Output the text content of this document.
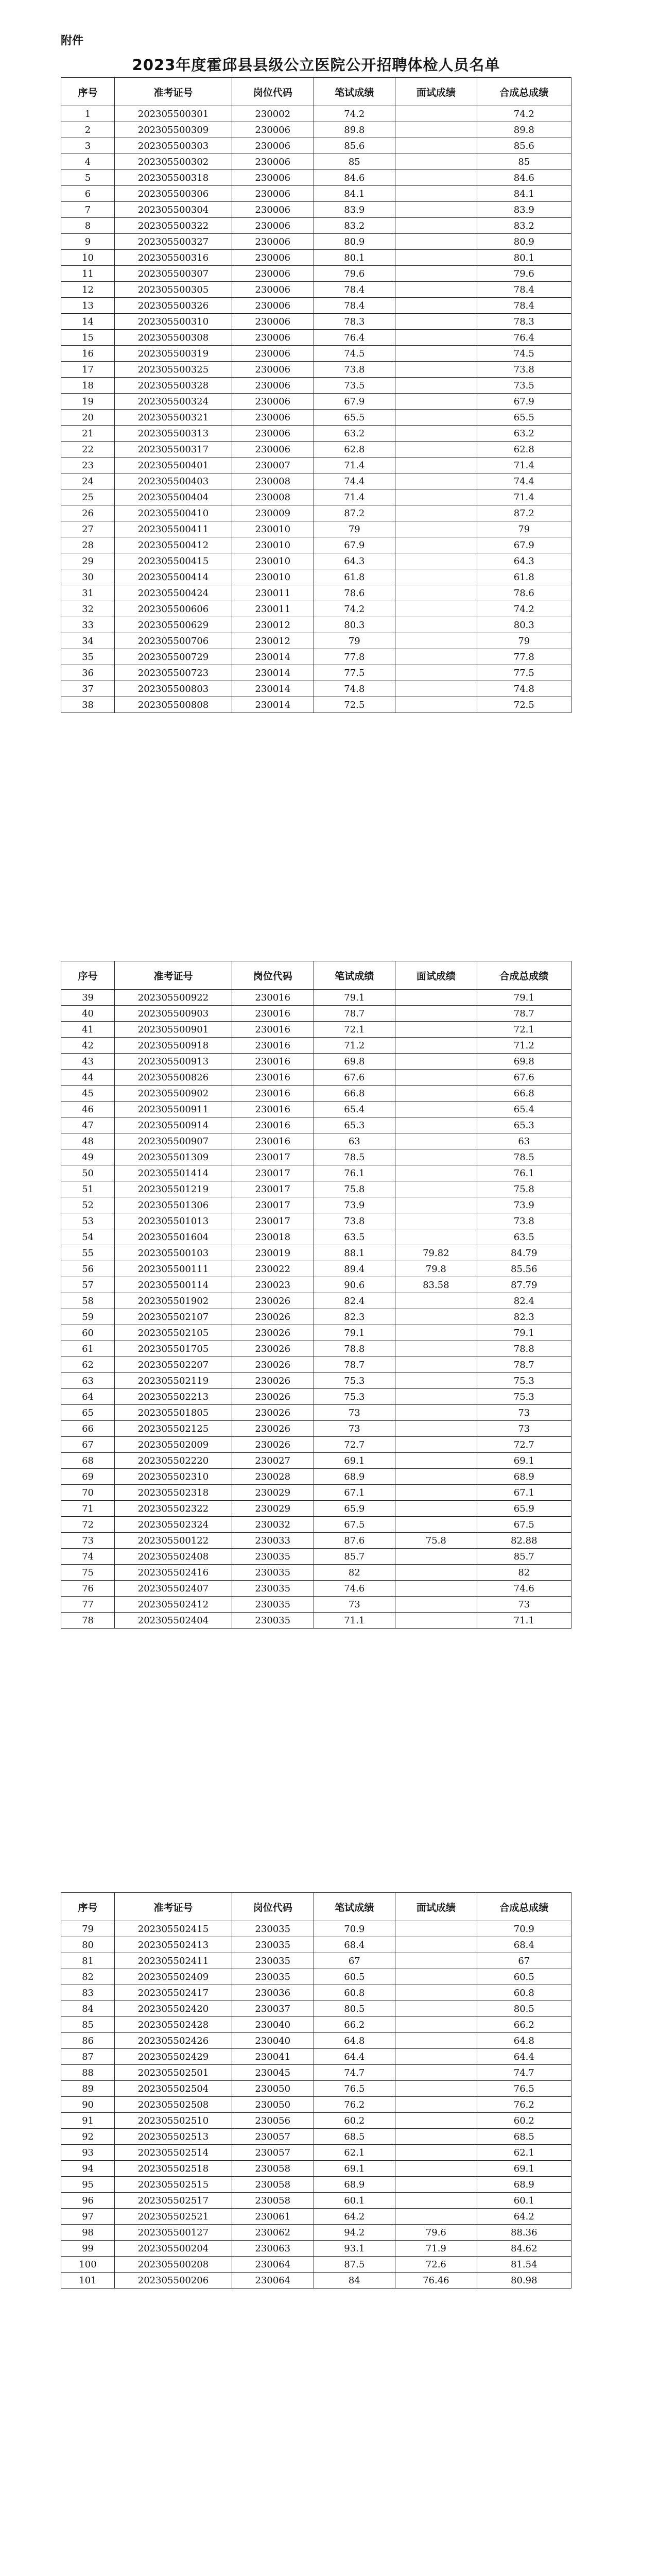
附件
2023年度霍邱县县级公立医院公开招聘体检人员名单
序号	准考证号	岗位代码	笔试成绩	面试成绩	合成总成绩
1	202305500301	230002	74.2		74.2
2	202305500309	230006	89.8		89.8
3	202305500303	230006	85.6		85.6
4	202305500302	230006	85		85
5	202305500318	230006	84.6		84.6
6	202305500306	230006	84.1		84.1
7	202305500304	230006	83.9		83.9
8	202305500322	230006	83.2		83.2
9	202305500327	230006	80.9		80.9
10	202305500316	230006	80.1		80.1
11	202305500307	230006	79.6		79.6
12	202305500305	230006	78.4		78.4
13	202305500326	230006	78.4		78.4
14	202305500310	230006	78.3		78.3
15	202305500308	230006	76.4		76.4
16	202305500319	230006	74.5		74.5
17	202305500325	230006	73.8		73.8
18	202305500328	230006	73.5		73.5
19	202305500324	230006	67.9		67.9
20	202305500321	230006	65.5		65.5
21	202305500313	230006	63.2		63.2
22	202305500317	230006	62.8		62.8
23	202305500401	230007	71.4		71.4
24	202305500403	230008	74.4		74.4
25	202305500404	230008	71.4		71.4
26	202305500410	230009	87.2		87.2
27	202305500411	230010	79		79
28	202305500412	230010	67.9		67.9
29	202305500415	230010	64.3		64.3
30	202305500414	230010	61.8		61.8
31	202305500424	230011	78.6		78.6
32	202305500606	230011	74.2		74.2
33	202305500629	230012	80.3		80.3
34	202305500706	230012	79		79
35	202305500729	230014	77.8		77.8
36	202305500723	230014	77.5		77.5
37	202305500803	230014	74.8		74.8
38	202305500808	230014	72.5		72.5
序号	准考证号	岗位代码	笔试成绩	面试成绩	合成总成绩
39	202305500922	230016	79.1		79.1
40	202305500903	230016	78.7		78.7
41	202305500901	230016	72.1		72.1
42	202305500918	230016	71.2		71.2
43	202305500913	230016	69.8		69.8
44	202305500826	230016	67.6		67.6
45	202305500902	230016	66.8		66.8
46	202305500911	230016	65.4		65.4
47	202305500914	230016	65.3		65.3
48	202305500907	230016	63		63
49	202305501309	230017	78.5		78.5
50	202305501414	230017	76.1		76.1
51	202305501219	230017	75.8		75.8
52	202305501306	230017	73.9		73.9
53	202305501013	230017	73.8		73.8
54	202305501604	230018	63.5		63.5
55	202305500103	230019	88.1	79.82	84.79
56	202305500111	230022	89.4	79.8	85.56
57	202305500114	230023	90.6	83.58	87.79
58	202305501902	230026	82.4		82.4
59	202305502107	230026	82.3		82.3
60	202305502105	230026	79.1		79.1
61	202305501705	230026	78.8		78.8
62	202305502207	230026	78.7		78.7
63	202305502119	230026	75.3		75.3
64	202305502213	230026	75.3		75.3
65	202305501805	230026	73		73
66	202305502125	230026	73		73
67	202305502009	230026	72.7		72.7
68	202305502220	230027	69.1		69.1
69	202305502310	230028	68.9		68.9
70	202305502318	230029	67.1		67.1
71	202305502322	230029	65.9		65.9
72	202305502324	230032	67.5		67.5
73	202305500122	230033	87.6	75.8	82.88
74	202305502408	230035	85.7		85.7
75	202305502416	230035	82		82
76	202305502407	230035	74.6		74.6
77	202305502412	230035	73		73
78	202305502404	230035	71.1		71.1
序号	准考证号	岗位代码	笔试成绩	面试成绩	合成总成绩
79	202305502415	230035	70.9		70.9
80	202305502413	230035	68.4		68.4
81	202305502411	230035	67		67
82	202305502409	230035	60.5		60.5
83	202305502417	230036	60.8		60.8
84	202305502420	230037	80.5		80.5
85	202305502428	230040	66.2		66.2
86	202305502426	230040	64.8		64.8
87	202305502429	230041	64.4		64.4
88	202305502501	230045	74.7		74.7
89	202305502504	230050	76.5		76.5
90	202305502508	230050	76.2		76.2
91	202305502510	230056	60.2		60.2
92	202305502513	230057	68.5		68.5
93	202305502514	230057	62.1		62.1
94	202305502518	230058	69.1		69.1
95	202305502515	230058	68.9		68.9
96	202305502517	230058	60.1		60.1
97	202305502521	230061	64.2		64.2
98	202305500127	230062	94.2	79.6	88.36
99	202305500204	230063	93.1	71.9	84.62
100	202305500208	230064	87.5	72.6	81.54
101	202305500206	230064	84	76.46	80.98
